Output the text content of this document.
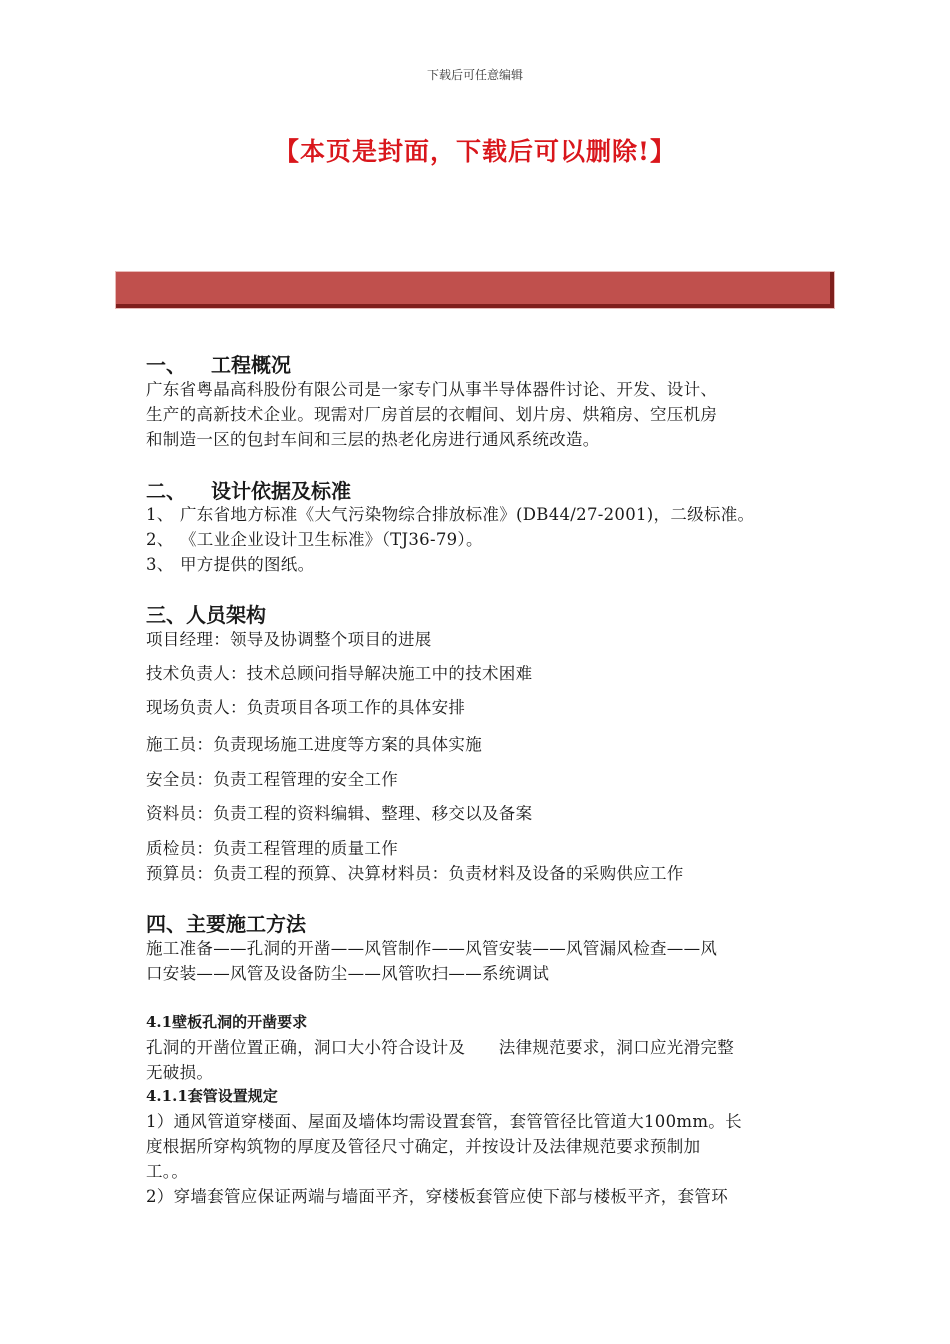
下载后可任意编辑
【本页是封面，下载后可以删除!】
一、 工程概况
广东省粤晶高科股份有限公司是一家专门从事半导体器件讨论、开发、设计、
生产的高新技术企业。现需对厂房首层的衣帽间、划片房、烘箱房、空压机房
和制造一区的包封车间和三层的热老化房进行通风系统改造。
二、 设计依据及标准
1、 广东省地方标准《大气污染物综合排放标准》(DB44/27-2001)，二级标准。
2、 《工业企业设计卫生标准》（TJ36-79）。
3、 甲方提供的图纸。
三、人员架构
项目经理：领导及协调整个项目的进展
技术负责人：技术总顾问指导解决施工中的技术困难
现场负责人：负责项目各项工作的具体安排
施工员：负责现场施工进度等方案的具体实施
安全员：负责工程管理的安全工作
资料员：负责工程的资料编辑、整理、移交以及备案
质检员：负责工程管理的质量工作
预算员：负责工程的预算、决算材料员：负责材料及设备的采购供应工作
四、主要施工方法
施工准备——孔洞的开凿——风管制作——风管安装——风管漏风检查——风
口安装——风管及设备防尘——风管吹扫——系统调试
4.1壁板孔洞的开凿要求
孔洞的开凿位置正确，洞口大小符合设计及　　法律规范要求，洞口应光滑完整
无破损。
4.1.1套管设置规定
1）通风管道穿楼面、屋面及墙体均需设置套管，套管管径比管道大100mm。长
度根据所穿构筑物的厚度及管径尺寸确定，并按设计及法律规范要求预制加
工。。
2）穿墙套管应保证两端与墙面平齐，穿楼板套管应使下部与楼板平齐，套管环
